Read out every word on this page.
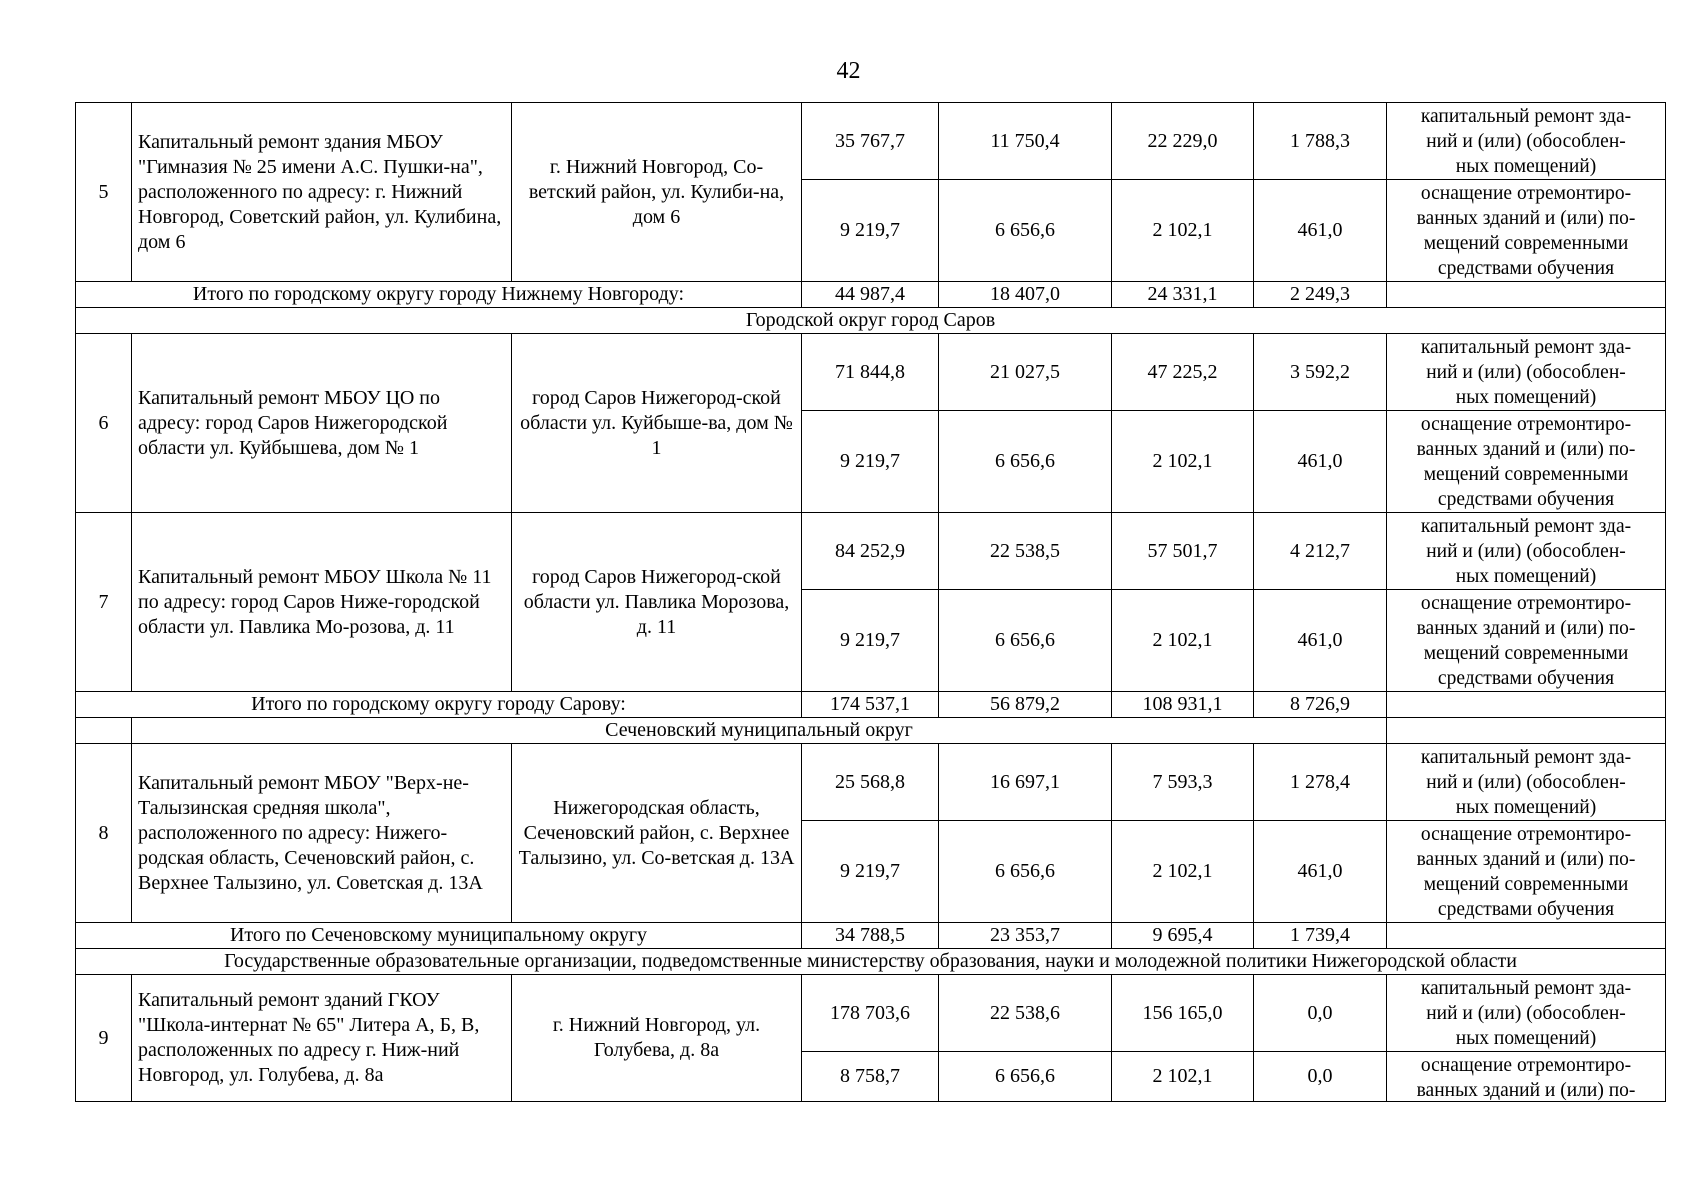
42
5	Капитальный ремонт здания МБОУ "Гимназия № 25 имени А.С. Пушки-на", расположенного по адресу: г. Нижний Новгород, Советский район, ул. Кулибина, дом 6	г. Нижний Новгород, Со-ветский район, ул. Кулиби-на, дом 6	35 767,7	11 750,4	22 229,0	1 788,3	капитальный ремонт зда-
ний и (или) (обособлен-
ных помещений)
			9 219,7	6 656,6	2 102,1	461,0	оснащение отремонтиро-
ванных зданий и (или) по-
мещений современными
средствами обучения
Итого по городскому округу городу Нижнему Новгороду:			44 987,4	18 407,0	24 331,1	2 249,3	
Городской округ город Саров							
6	Капитальный ремонт МБОУ ЦО по адресу: город Саров Нижегородской области ул. Куйбышева, дом № 1	город Саров Нижегород-ской области ул. Куйбыше-ва, дом № 1	71 844,8	21 027,5	47 225,2	3 592,2	капитальный ремонт зда-
ний и (или) (обособлен-
ных помещений)
			9 219,7	6 656,6	2 102,1	461,0	оснащение отремонтиро-
ванных зданий и (или) по-
мещений современными
средствами обучения
7	Капитальный ремонт МБОУ Школа № 11 по адресу: город Саров Ниже-городской области ул. Павлика Мо-розова, д. 11	город Саров Нижегород-ской области ул. Павлика Морозова, д. 11	84 252,9	22 538,5	57 501,7	4 212,7	капитальный ремонт зда-
ний и (или) (обособлен-
ных помещений)
			9 219,7	6 656,6	2 102,1	461,0	оснащение отремонтиро-
ванных зданий и (или) по-
мещений современными
средствами обучения
Итого по городскому округу городу Сарову:			174 537,1	56 879,2	108 931,1	8 726,9	
	Сеченовский муниципальный округ						
8	Капитальный ремонт МБОУ "Верх-не-Талызинская средняя школа", расположенного по адресу: Нижего-родская область, Сеченовский район, с. Верхнее Талызино, ул. Советская д. 13А	Нижегородская область, Сеченовский район, с. Верхнее Талызино, ул. Со-ветская д. 13А	25 568,8	16 697,1	7 593,3	1 278,4	капитальный ремонт зда-
ний и (или) (обособлен-
ных помещений)
			9 219,7	6 656,6	2 102,1	461,0	оснащение отремонтиро-
ванных зданий и (или) по-
мещений современными
средствами обучения
Итого по Сеченовскому муниципальному округу			34 788,5	23 353,7	9 695,4	1 739,4	
Государственные образовательные организации, подведомственные министерству образования, науки и молодежной политики Нижегородской области							
9	Капитальный ремонт зданий ГКОУ "Школа-интернат № 65" Литера А, Б, В, расположенных по адресу г. Ниж-ний Новгород, ул. Голубева, д. 8а	г. Нижний Новгород, ул. Голубева, д. 8а	178 703,6	22 538,6	156 165,0	0,0	капитальный ремонт зда-
ний и (или) (обособлен-
ных помещений)
			8 758,7	6 656,6	2 102,1	0,0	оснащение отремонтиро-
ванных зданий и (или) по-
